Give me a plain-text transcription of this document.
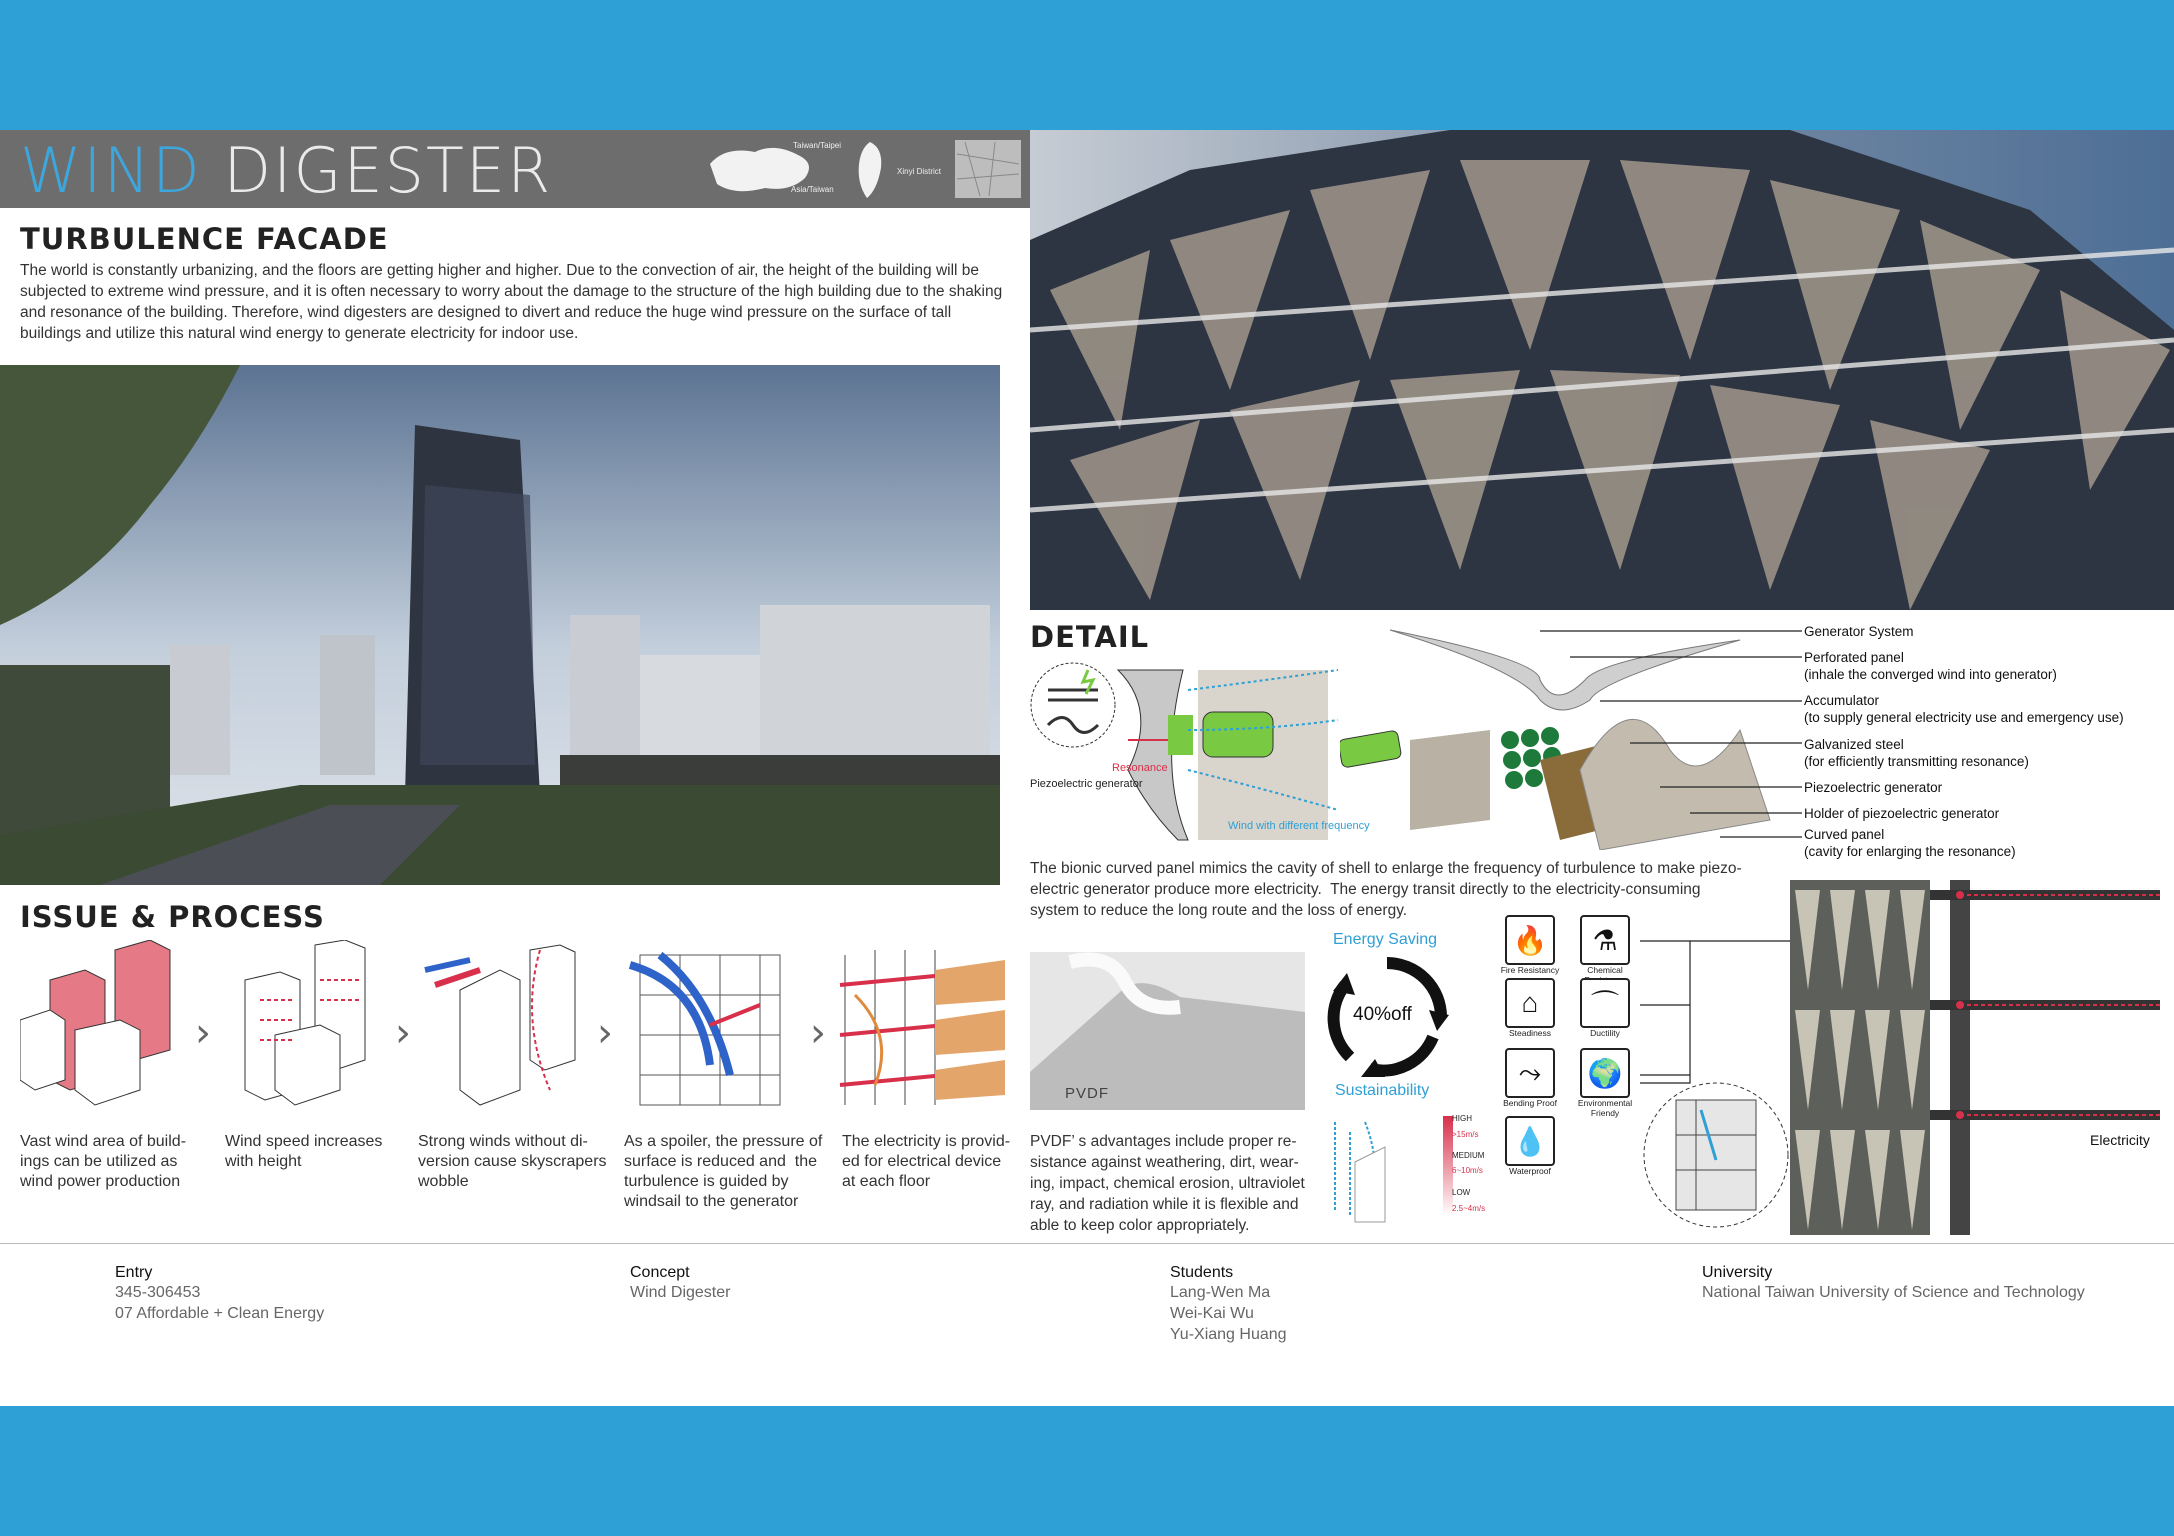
WIND DIGESTER	Taiwan/Taipei
Asia/Taiwan
Xinyi District
TURBULENCE FACADE
The world is constantly urbanizing, and the floors are getting higher and higher. Due to the convection of air, the height of the building will be subjected to extreme wind pressure, and it is often necessary to worry about the damage to the structure of the high building due to the shaking and resonance of the building. Therefore, wind digesters are designed to divert and reduce the huge wind pressure on the surface of tall buildings and utilize this natural wind energy to generate electricity for indoor use.
ISSUE & PROCESS
›	›	›	›
Vast wind area of build-
ings can be utilized as
wind power production
Wind speed increases
with height
Strong winds without di-
version cause skyscrapers
wobble
As a spoiler, the pressure of
surface is reduced and  the
turbulence is guided by
windsail to the generator
The electricity is provid-
ed for electrical device
at each floor
DETAIL
Piezoelectric generator
Resonance
Wind with different frequency
Generator System
Perforated panel
(inhale the converged wind into generator)
Accumulator
(to supply general electricity use and emergency use)
Galvanized steel
(for efficiently transmitting resonance)
Piezoelectric generator
Holder of piezoelectric generator
Curved panel
(cavity for enlarging the resonance)
The bionic curved panel mimics the cavity of shell to enlarge the frequency of turbulence to make piezo-
electric generator produce more electricity.  The energy transit directly to the electricity-consuming
system to reduce the long route and the loss of energy.
PVDF
PVDF’ s advantages include proper re-
sistance against weathering, dirt, wear-
ing, impact, chemical erosion, ultraviolet
ray, and radiation while it is flexible and
able to keep color appropriately.
Energy Saving
40%off
Sustainability
HIGH
>15m/s
MEDIUM
6~10m/s
LOW
2.5~4m/s
🔥
Fire Resistancy
⚗
Chemical
⌂
Steadiness
⌒
Ductility
⤳
Bending Proof
🌍
Environmental Friendy
💧
Waterproof
Electricity
Entry
345-306453
07 Affordable + Clean Energy
Concept
Wind Digester
Students
Lang-Wen Ma
Wei-Kai Wu
Yu-Xiang Huang
University
National Taiwan University of Science and Technology
